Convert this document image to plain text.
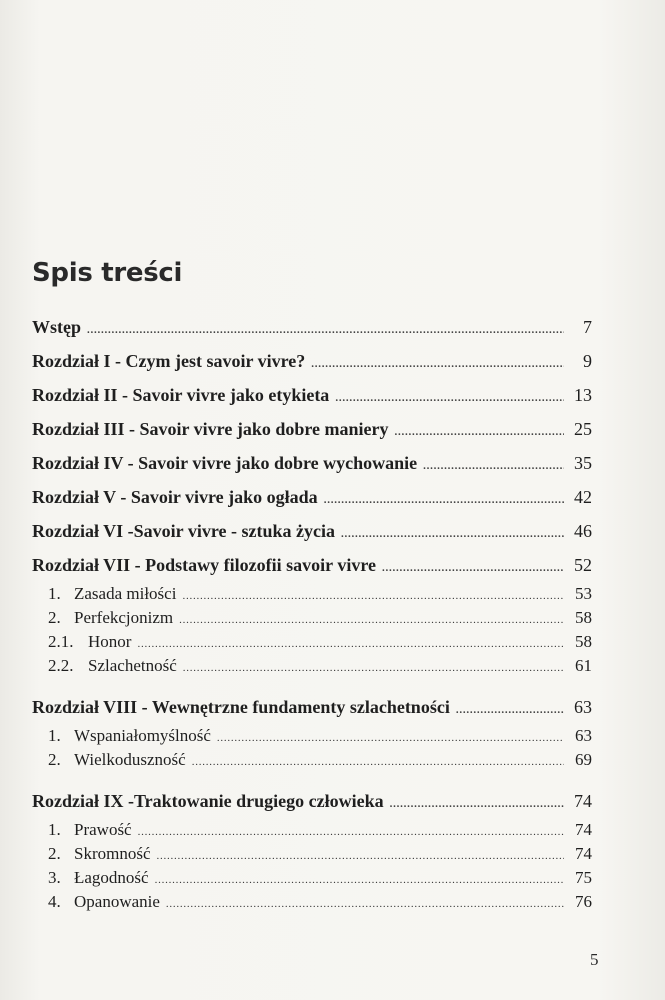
Spis treści
Wstęp . . .	7
Rozdział I - Czym jest savoir vivre? . . .	9
Rozdział II - Savoir vivre jako etykieta . . .	13
Rozdział III - Savoir vivre jako dobre maniery . . .	25
Rozdział IV - Savoir vivre jako dobre wychowanie . . .	35
Rozdział V - Savoir vivre jako ogłada . . .	42
Rozdział VI -Savoir vivre - sztuka życia . . .	46
Rozdział VII - Podstawy filozofii savoir vivre . . .	52
1. Zasada miłości . . .	53
2. Perfekcjonizm . . .	58
2.1. Honor . . .	58
2.2. Szlachetność . . .	61
Rozdział VIII - Wewnętrzne fundamenty szlachetności . . .	63
1. Wspaniałomyślność . . .	63
2. Wielkoduszność . . .	69
Rozdział IX -Traktowanie drugiego człowieka . . .	74
1. Prawość . . .	74
2. Skromność . . .	74
3. Łagodność . . .	75
4. Opanowanie . . .	76
5
